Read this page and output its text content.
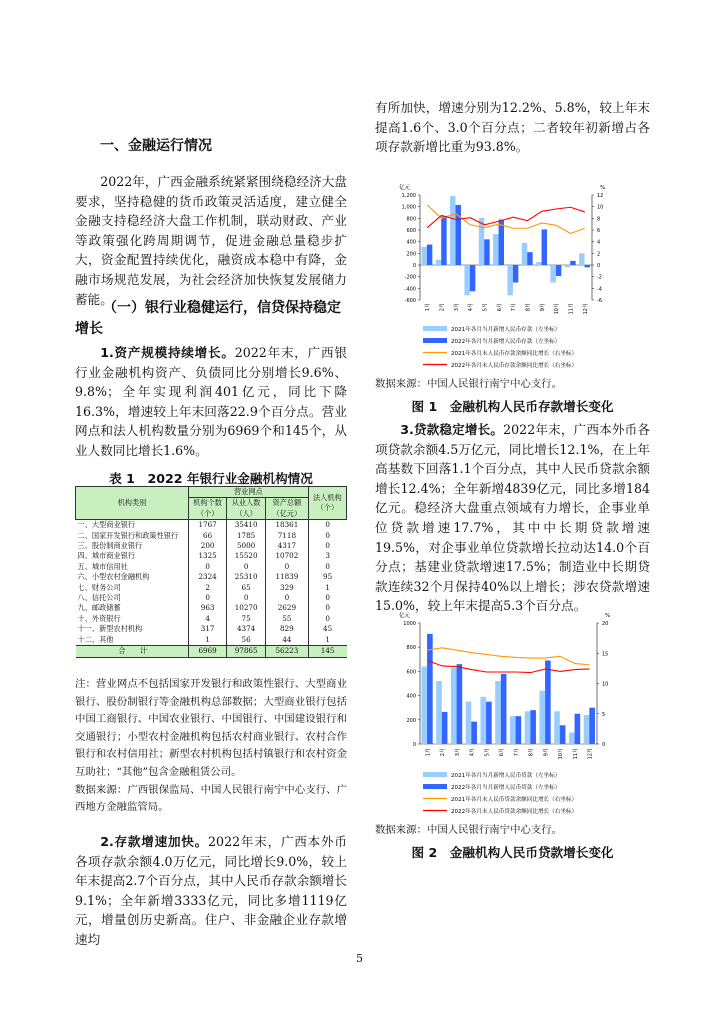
一、金融运行情况

2022年，广西金融系统紧紧围绕稳经济大盘要求，坚持稳健的货币政策灵活适度，建立健全金融支持稳经济大盘工作机制，联动财政、产业等政策强化跨周期调节，促进金融总量稳步扩大，资金配置持续优化，融资成本稳中有降，金融市场规范发展，为社会经济加快恢复发展储力蓄能。

（一）银行业稳健运行，信贷保持稳定增长

1.资产规模持续增长。2022年末，广西银行业金融机构资产、负债同比分别增长9.6%、9.8%；全年实现利润401亿元，同比下降16.3%，增速较上年末回落22.9个百分点。营业网点和法人机构数量分别为6969个和145个，从业人数同比增长1.6%。

表 1　2022 年银行业金融机构情况
机构类别	营业网点			法人机构（个）
	机构个数（个）	从业人数（人）	资产总额（亿元）	
一、大型商业银行	1767	35410	18361	0
二、国家开发银行和政策性银行	66	1785	7118	0
三、股份制商业银行	200	5000	4317	0
四、城市商业银行	1325	15520	10702	3
五、城市信用社	0	0	0	0
六、小型农村金融机构	2324	25310	11839	95
七、财务公司	2	65	329	1
八、信托公司	0	0	0	0
九、邮政储蓄	963	10270	2629	0
十、外资银行	4	75	55	0
十一、新型农村机构	317	4374	829	45
十二、其他	1	56	44	1
合　　计	6969	97865	56223	145

注：营业网点不包括国家开发银行和政策性银行、大型商业银行、股份制银行等金融机构总部数据；大型商业银行包括中国工商银行、中国农业银行、中国银行、中国建设银行和交通银行；小型农村金融机构包括农村商业银行、农村合作银行和农村信用社；新型农村机构包括村镇银行和农村资金互助社；“其他”包含金融租赁公司。

数据来源：广西银保监局、中国人民银行南宁中心支行、广西地方金融监管局。

2.存款增速加快。2022年末，广西本外币各项存款余额4.0万亿元，同比增长9.0%，较上年末提高2.7个百分点，其中人民币存款余额增长9.1%；全年新增3333亿元，同比多增1119亿元，增量创历史新高。住户、非金融企业存款增速均

有所加快，增速分别为12.2%、5.8%，较上年末提高1.6个、3.0个百分点；二者较年初新增占各项存款新增比重为93.8%。

亿元	%
-600
-400
-200
0
200
400
600
800
1,000
1,200
-6
-4
-2
0
2
4
6
8
10
12
1月 2月 3月 4月 5月 6月 7月 8月 9月 10月 11月 12月
2021年各月当月新增人民币存款（左坐标）
2022年各月当月新增人民币存款（左坐标）
2021年各月末人民币存款余额同比增长（右坐标）
2022年各月末人民币存款余额同比增长（右坐标）
数据来源：中国人民银行南宁中心支行。
图 1　金融机构人民币存款增长变化

3.贷款稳定增长。2022年末，广西本外币各项贷款余额4.5万亿元，同比增长12.1%，在上年高基数下回落1.1个百分点，其中人民币贷款余额增长12.4%；全年新增4839亿元，同比多增184亿元。稳经济大盘重点领域有力增长，企事业单位贷款增速17.7%，其中中长期贷款增速19.5%，对企事业单位贷款增长拉动达14.0个百分点；基建业贷款增速17.5%；制造业中长期贷款连续32个月保持40%以上增长；涉农贷款增速15.0%，较上年末提高5.3个百分点。

亿元	%
0
200
400
600
800
1000
0
5
10
15
20
1月 2月 3月 4月 5月 6月 7月 8月 9月 10月 11月 12月
2021年各月当月新增人民币贷款（左坐标）
2022年各月当月新增人民币贷款（左坐标）
2021年各月末人民币贷款余额同比增长（右坐标）
2022年各月末人民币贷款余额同比增长（右坐标）
数据来源：中国人民银行南宁中心支行。
图 2　金融机构人民币贷款增长变化
5
